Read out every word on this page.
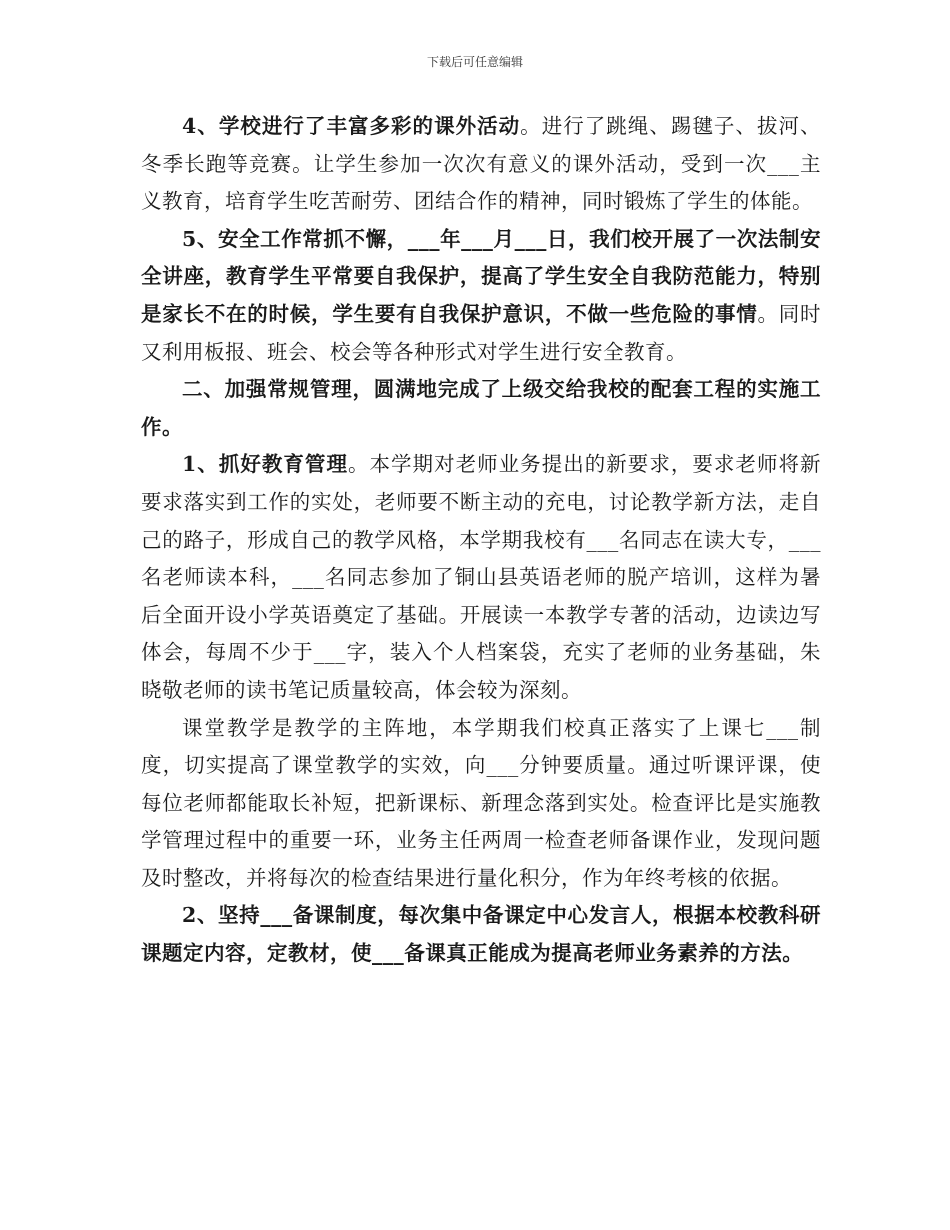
下载后可任意编辑

4、学校进行了丰富多彩的课外活动。进行了跳绳、踢毽子、拔河、冬季长跑等竞赛。让学生参加一次次有意义的课外活动，受到一次___主义教育，培育学生吃苦耐劳、团结合作的精神，同时锻炼了学生的体能。

5、安全工作常抓不懈，___年___月___日，我们校开展了一次法制安全讲座，教育学生平常要自我保护，提高了学生安全自我防范能力，特别是家长不在的时候，学生要有自我保护意识，不做一些危险的事情。同时又利用板报、班会、校会等各种形式对学生进行安全教育。

二、加强常规管理，圆满地完成了上级交给我校的配套工程的实施工作。

1、抓好教育管理。本学期对老师业务提出的新要求，要求老师将新要求落实到工作的实处，老师要不断主动的充电，讨论教学新方法，走自己的路子，形成自己的教学风格，本学期我校有___名同志在读大专，___名老师读本科，___名同志参加了铜山县英语老师的脱产培训，这样为暑后全面开设小学英语奠定了基础。开展读一本教学专著的活动，边读边写体会，每周不少于___字，装入个人档案袋，充实了老师的业务基础，朱晓敬老师的读书笔记质量较高，体会较为深刻。

课堂教学是教学的主阵地，本学期我们校真正落实了上课七___制度，切实提高了课堂教学的实效，向___分钟要质量。通过听课评课，使每位老师都能取长补短，把新课标、新理念落到实处。检查评比是实施教学管理过程中的重要一环，业务主任两周一检查老师备课作业，发现问题及时整改，并将每次的检查结果进行量化积分，作为年终考核的依据。

2、坚持___备课制度，每次集中备课定中心发言人，根据本校教科研课题定内容，定教材，使___备课真正能成为提高老师业务素养的方法。
